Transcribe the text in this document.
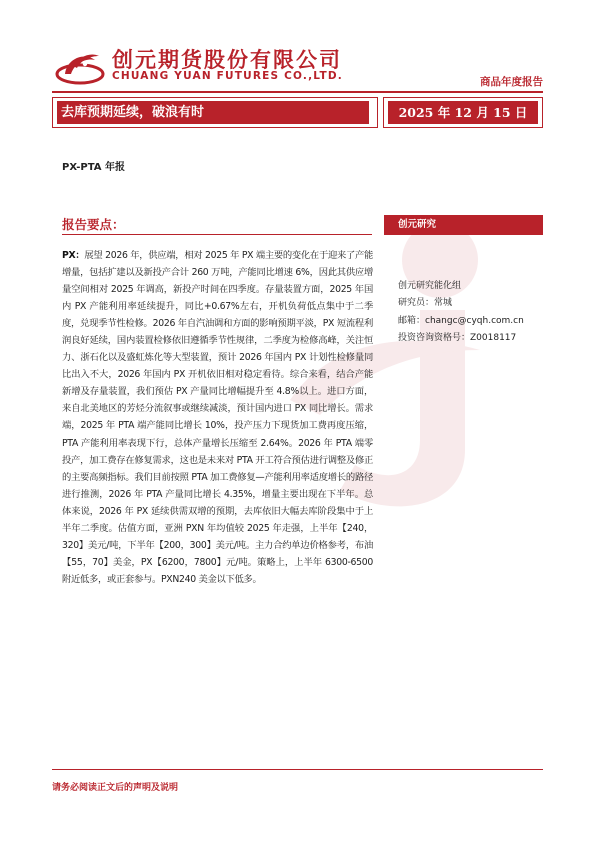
创元期货股份有限公司
CHUANG YUAN FUTURES CO.,LTD.	商品年度报告
去库预期延续，破浪有时	2025 年 12 月 15 日
PX-PTA 年报
报告要点：
PX：展望 2026 年，供应端，相对 2025 年 PX 端主要的变化在于迎来了产能增量，包括扩建以及新投产合计 260 万吨，产能同比增速 6%，因此其供应增量空间相对 2025 年调高，新投产时间在四季度。存量装置方面，2025 年国内 PX 产能利用率延续提升，同比+0.67%左右，开机负荷低点集中于二季度，兑现季节性检修。2026 年自汽油调和方面的影响预期平淡，PX 短流程利润良好延续，国内装置检修依旧遵循季节性规律，二季度为检修高峰，关注恒力、浙石化以及盛虹炼化等大型装置，预计 2026 年国内 PX 计划性检修量同比出入不大，2026 年国内 PX 开机依旧相对稳定看待。综合来看，结合产能新增及存量装置，我们预估 PX 产量同比增幅提升至 4.8%以上。进口方面，来自北美地区的芳烃分流叙事或继续减淡，预计国内进口 PX 同比增长。需求端，2025 年 PTA 端产能同比增长 10%，投产压力下现货加工费再度压缩，PTA 产能利用率表现下行，总体产量增长压缩至 2.64%。2026 年 PTA 端零投产，加工费存在修复需求，这也是未来对 PTA 开工符合预估进行调整及修正的主要高频指标。我们目前按照 PTA 加工费修复—产能利用率适度增长的路径进行推测，2026 年 PTA 产量同比增长 4.35%，增量主要出现在下半年。总体来说，2026 年 PX 延续供需双增的预期，去库依旧大幅去库阶段集中于上半年二季度。估值方面，亚洲 PXN 年均值较 2025 年走强，上半年【240，320】美元/吨，下半年【200，300】美元/吨。主力合约单边价格参考，布油【55，70】美金，PX【6200，7800】元/吨。策略上，上半年 6300-6500 附近低多，或正套参与。PXN240 美金以下低多。
创元研究
创元研究能化组
研究员：常城
邮箱：changc@cyqh.com.cn
投资咨询资格号：Z0018117
请务必阅读正文后的声明及说明
